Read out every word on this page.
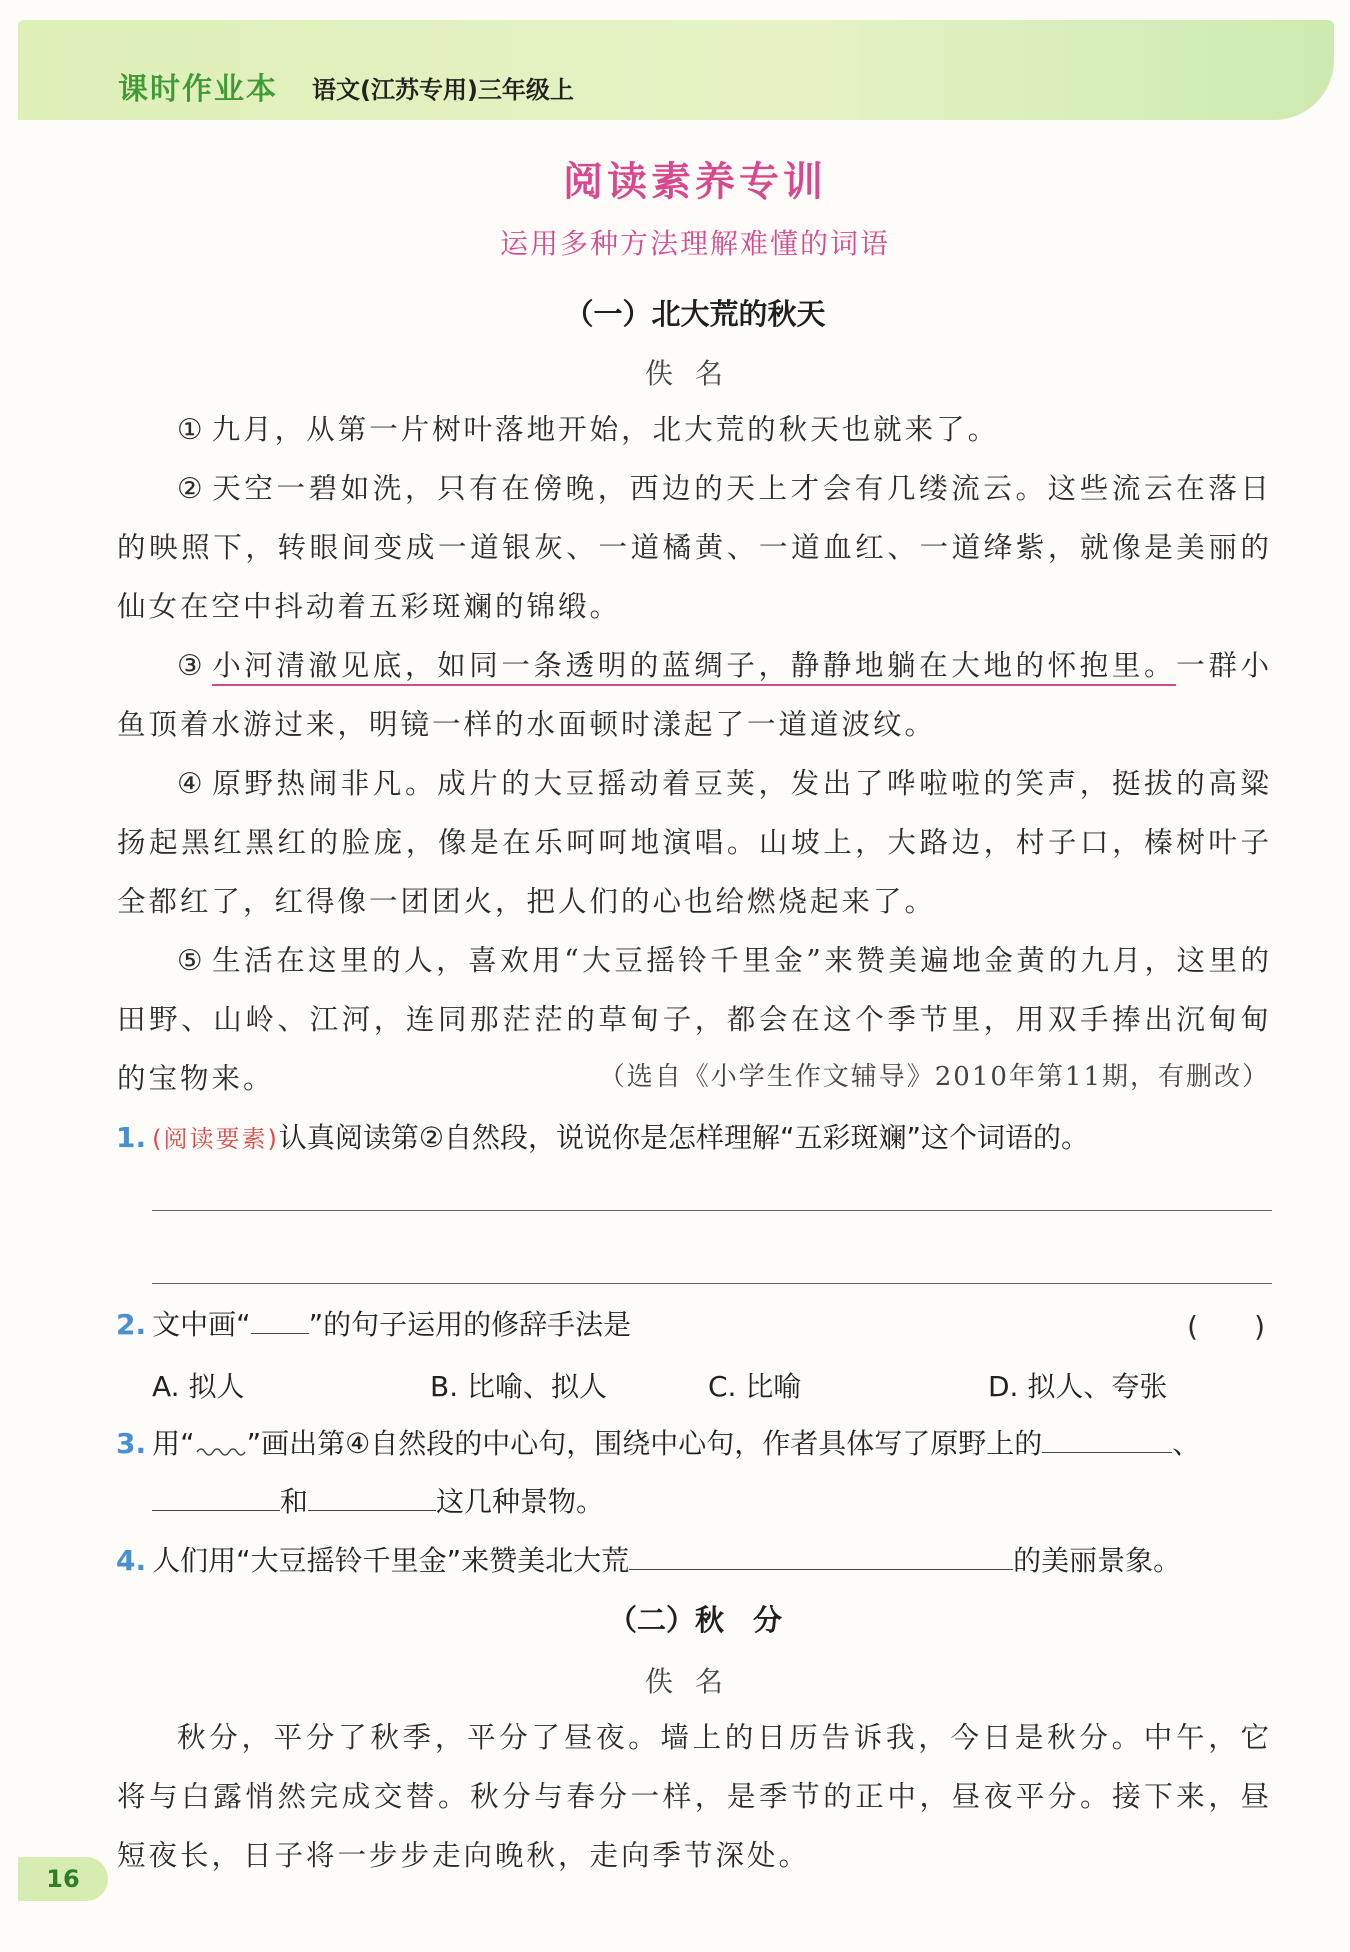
课时作业本 语文(江苏专用)三年级上
阅读素养专训
运用多种方法理解难懂的词语
（一）北大荒的秋天
佚名

① 九月，从第一片树叶落地开始，北大荒的秋天也就来了。

② 天空一碧如洗，只有在傍晚，西边的天上才会有几缕流云。这些流云在落日的映照下，转眼间变成一道银灰、一道橘黄、一道血红、一道绛紫，就像是美丽的仙女在空中抖动着五彩斑斓的锦缎。

③ 小河清澈见底，如同一条透明的蓝绸子，静静地躺在大地的怀抱里。一群小鱼顶着水游过来，明镜一样的水面顿时漾起了一道道波纹。

④ 原野热闹非凡。成片的大豆摇动着豆荚，发出了哗啦啦的笑声，挺拔的高粱扬起黑红黑红的脸庞，像是在乐呵呵地演唱。山坡上，大路边，村子口，榛树叶子全都红了，红得像一团团火，把人们的心也给燃烧起来了。

⑤ 生活在这里的人，喜欢用“大豆摇铃千里金”来赞美遍地金黄的九月，这里的田野、山岭、江河，连同那茫茫的草甸子，都会在这个季节里，用双手捧出沉甸甸的宝物来。	（选自《小学生作文辅导》2010年第11期，有删改）
1. (阅读要素)认真阅读第②自然段，说说你是怎样理解“五彩斑斓”这个词语的。
2. 文中画“ ”的句子运用的修辞手法是	(　　)
A. 拟人	B. 比喻、拟人	C. 比喻	D. 拟人、夸张
3. 用“ ”画出第④自然段的中心句，围绕中心句，作者具体写了原野上的	、
和	这几种景物。
4. 人们用“大豆摇铃千里金”来赞美北大荒	的美丽景象。
（二）秋　分
佚名

秋分，平分了秋季，平分了昼夜。墙上的日历告诉我，今日是秋分。中午，它将与白露悄然完成交替。秋分与春分一样，是季节的正中，昼夜平分。接下来，昼短夜长，日子将一步步走向晚秋，走向季节深处。

16
